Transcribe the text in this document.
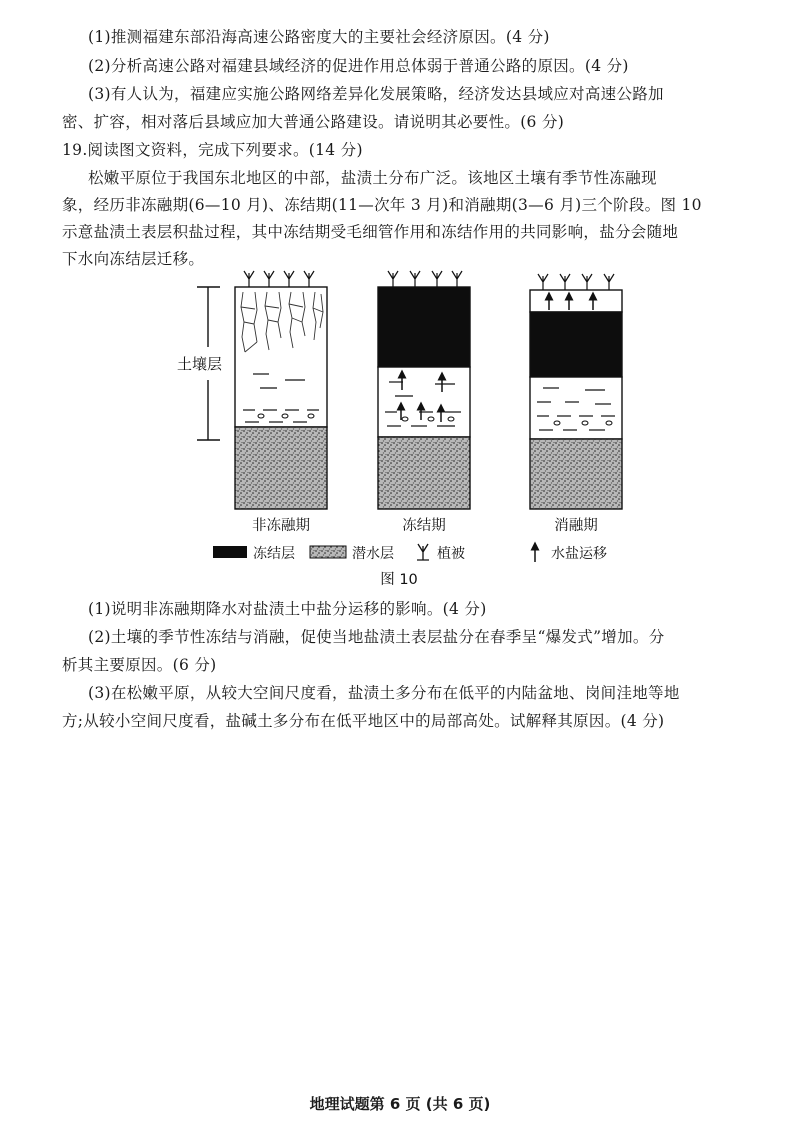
(1)推测福建东部沿海高速公路密度大的主要社会经济原因。(4 分)
(2)分析高速公路对福建县域经济的促进作用总体弱于普通公路的原因。(4 分)
(3)有人认为，福建应实施公路网络差异化发展策略，经济发达县域应对高速公路加
密、扩容，相对落后县域应加大普通公路建设。请说明其必要性。(6 分)
19.阅读图文资料，完成下列要求。(14 分)
松嫩平原位于我国东北地区的中部，盐渍土分布广泛。该地区土壤有季节性冻融现
象，经历非冻融期(6—10 月)、冻结期(11—次年 3 月)和消融期(3—6 月)三个阶段。图 10
示意盐渍土表层积盐过程，其中冻结期受毛细管作用和冻结作用的共同影响，盐分会随地
下水向冻结层迁移。
土壤层
非冻融期	冻结期	消融期
冻结层	潜水层	植被	水盐运移
图 10
(1)说明非冻融期降水对盐渍土中盐分运移的影响。(4 分)
(2)土壤的季节性冻结与消融，促使当地盐渍土表层盐分在春季呈“爆发式”增加。分
析其主要原因。(6 分)
(3)在松嫩平原，从较大空间尺度看，盐渍土多分布在低平的内陆盆地、岗间洼地等地
方;从较小空间尺度看，盐碱土多分布在低平地区中的局部高处。试解释其原因。(4 分)
地理试题第 6 页 (共 6 页)
